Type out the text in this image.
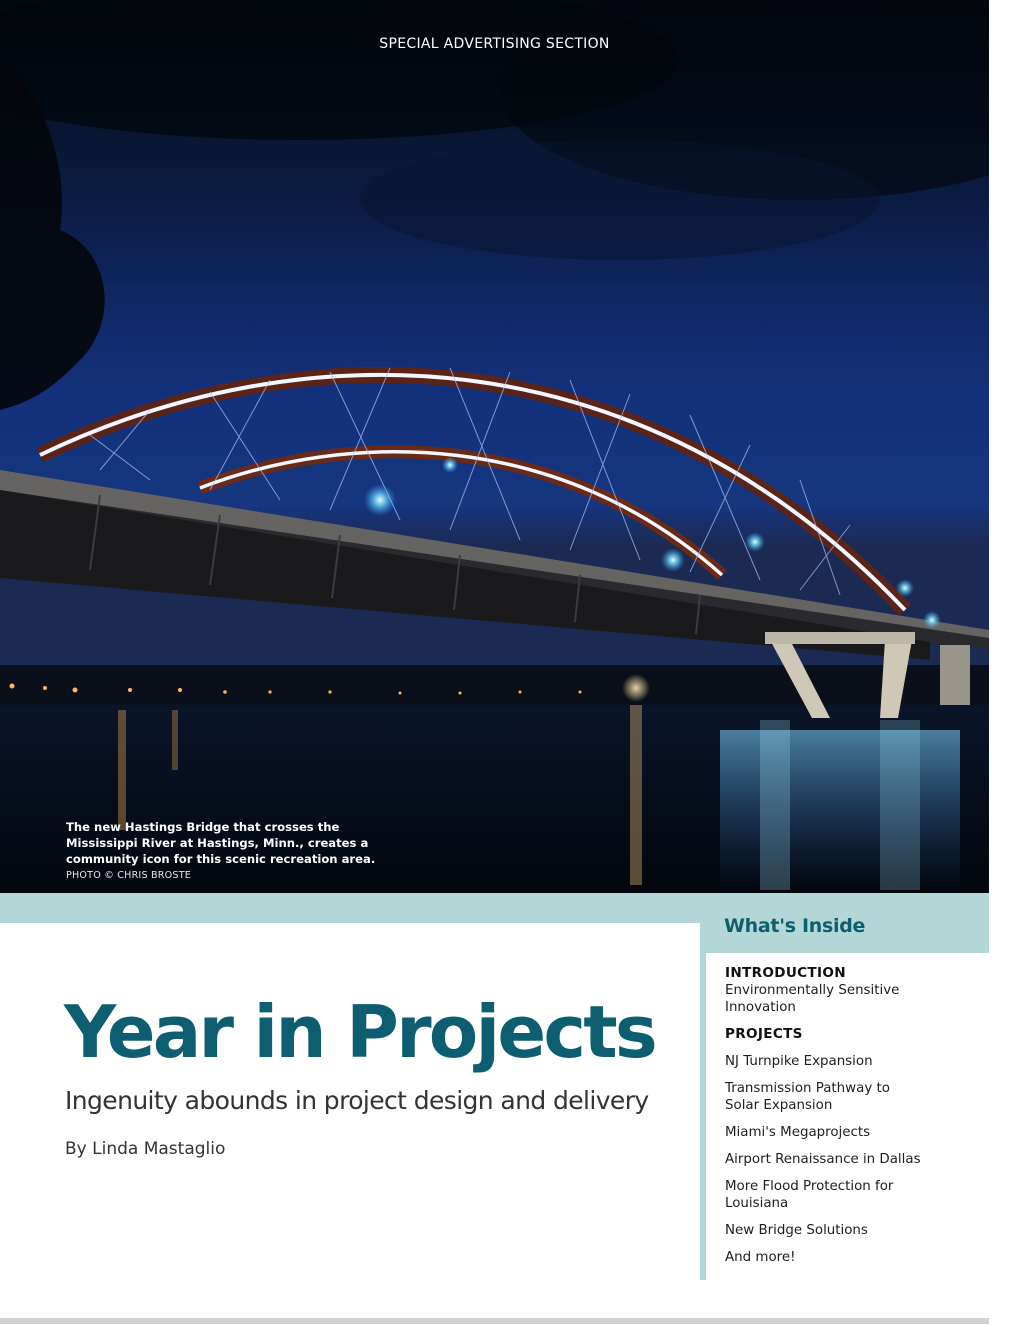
SPECIAL ADVERTISING SECTION

The new Hastings Bridge that crosses the Mississippi River at Hastings, Minn., creates a community icon for this scenic recreation area.

PHOTO © CHRIS BROSTE
What's Inside
Year in Projects
Ingenuity abounds in project design and delivery

By Linda Mastaglio

INTRODUCTION
Environmentally Sensitive Innovation
PROJECTS
NJ Turnpike Expansion
Transmission Pathway to Solar Expansion
Miami's Megaprojects
Airport Renaissance in Dallas
More Flood Protection for Louisiana
New Bridge Solutions
And more!
